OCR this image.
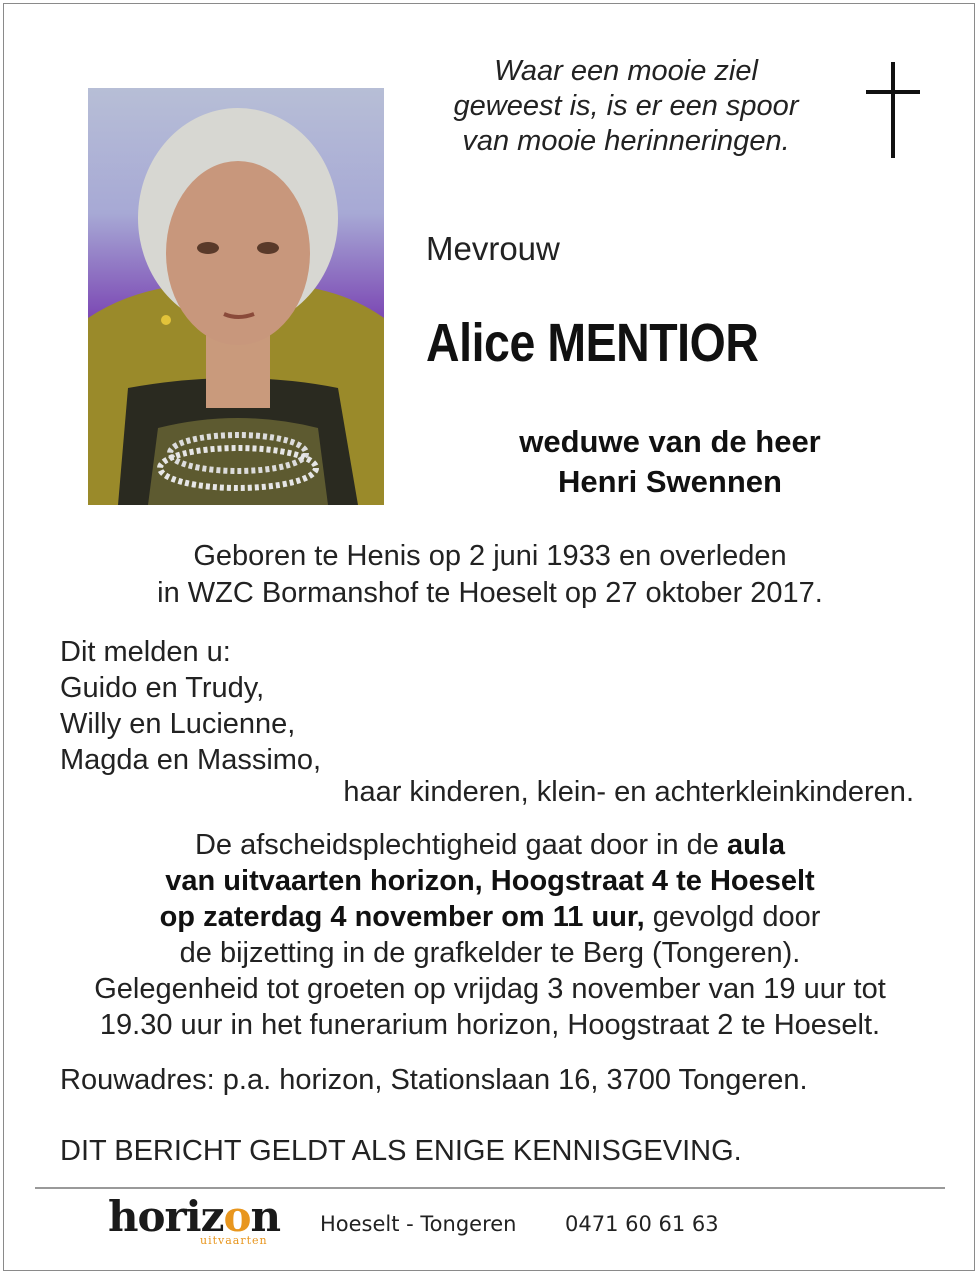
Waar een mooie ziel
geweest is, is er een spoor
van mooie herinneringen.
Mevrouw
Alice MENTIOR
weduwe van de heer
Henri Swennen
Geboren te Henis op 2 juni 1933 en overleden
in WZC Bormanshof te Hoeselt op 27 oktober 2017.
Dit melden u:
Guido en Trudy,
Willy en Lucienne,
Magda en Massimo,
haar kinderen, klein- en achterkleinkinderen.
De afscheidsplechtigheid gaat door in de aula
van uitvaarten horizon, Hoogstraat 4 te Hoeselt
op zaterdag 4 november om 11 uur, gevolgd door
de bijzetting in de grafkelder te Berg (Tongeren).
Gelegenheid tot groeten op vrijdag 3 november van 19 uur tot
19.30 uur in het funerarium horizon, Hoogstraat 2 te Hoeselt.
Rouwadres: p.a. horizon, Stationslaan 16, 3700 Tongeren.
DIT BERICHT GELDT ALS ENIGE KENNISGEVING.
horizon
uitvaarten
Hoeselt - Tongeren 0471 60 61 63
